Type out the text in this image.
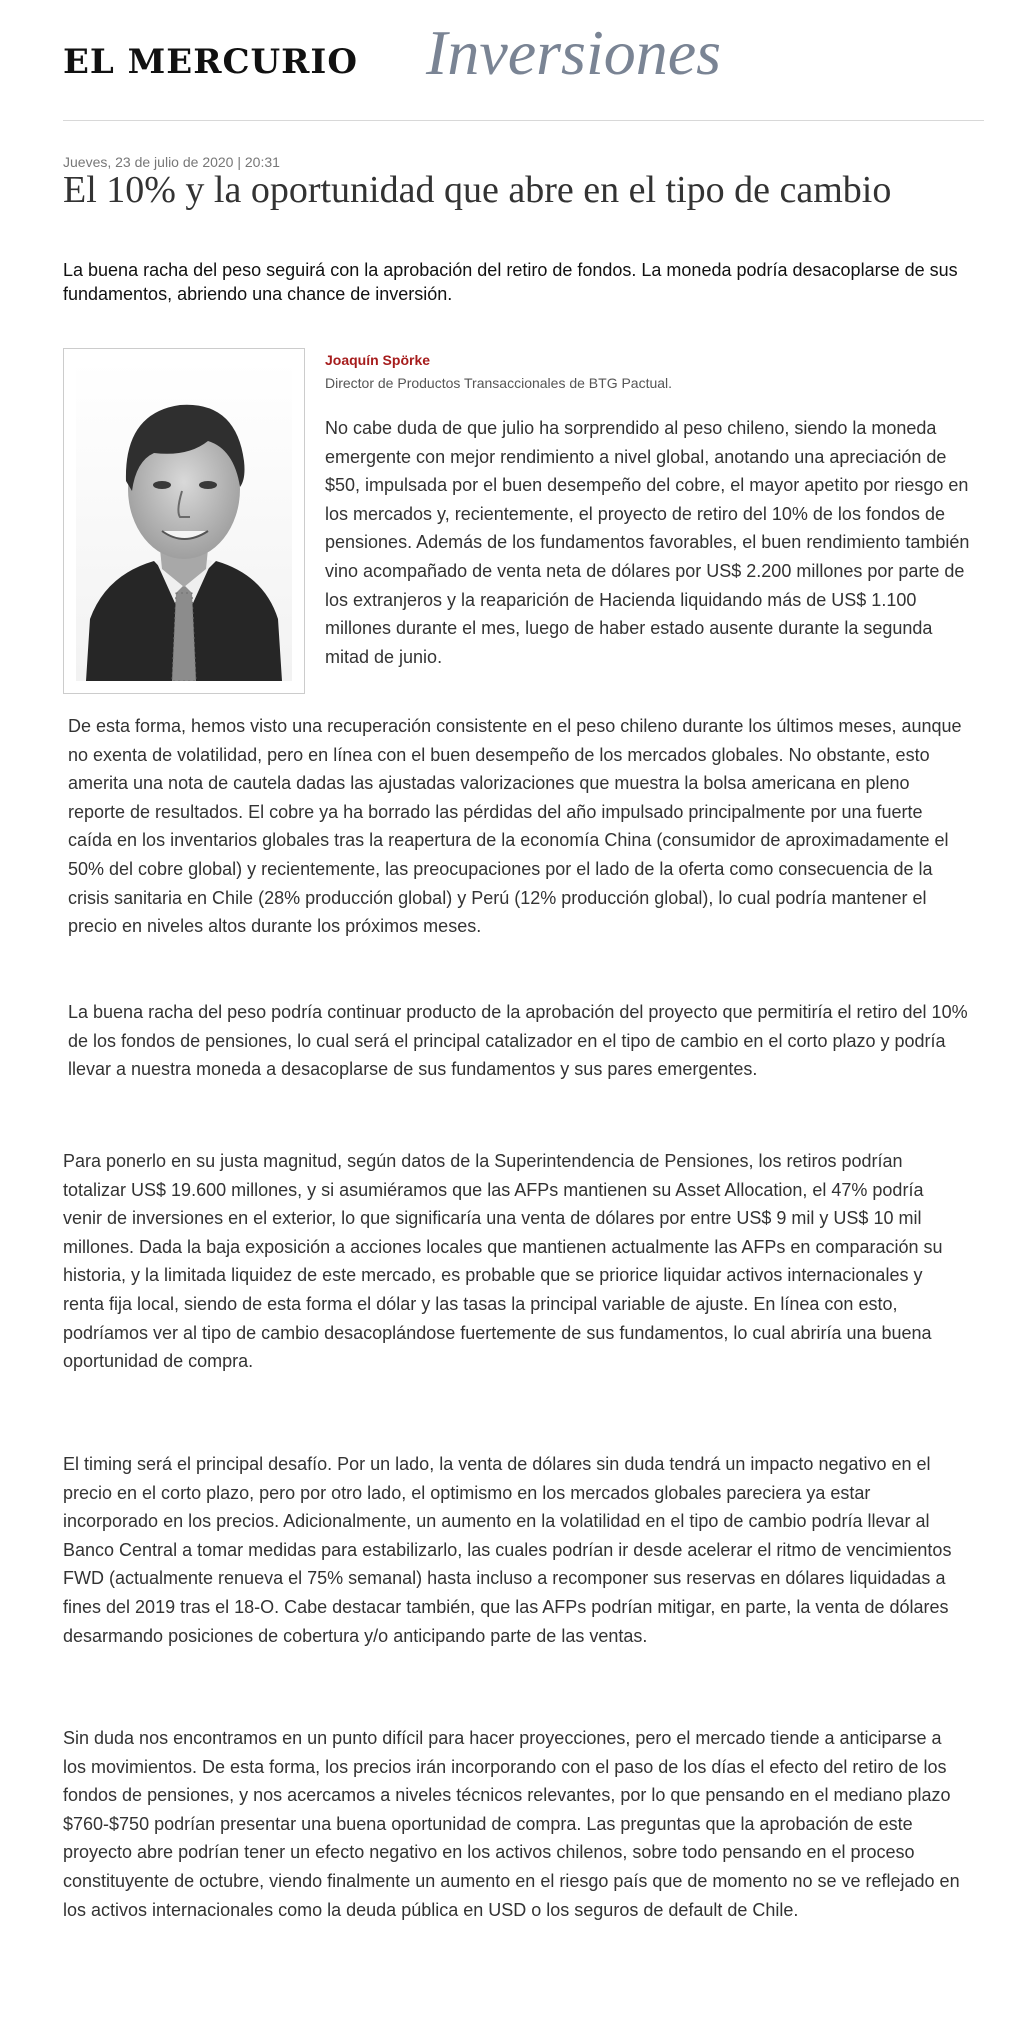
EL MERCURIO Inversiones
Jueves, 23 de julio de 2020 | 20:31
El 10% y la oportunidad que abre en el tipo de cambio

La buena racha del peso seguirá con la aprobación del retiro de fondos. La moneda podría desacoplarse de sus fundamentos, abriendo una chance de inversión.

Joaquín Spörke
Director de Productos Transaccionales de BTG Pactual.

No cabe duda de que julio ha sorprendido al peso chileno, siendo la moneda emergente con mejor rendimiento a nivel global, anotando una apreciación de $50, impulsada por el buen desempeño del cobre, el mayor apetito por riesgo en los mercados y, recientemente, el proyecto de retiro del 10% de los fondos de pensiones. Además de los fundamentos favorables, el buen rendimiento también vino acompañado de venta neta de dólares por US$ 2.200 millones por parte de los extranjeros y la reaparición de Hacienda liquidando más de US$ 1.100 millones durante el mes, luego de haber estado ausente durante la segunda mitad de junio.

De esta forma, hemos visto una recuperación consistente en el peso chileno durante los últimos meses, aunque no exenta de volatilidad, pero en línea con el buen desempeño de los mercados globales. No obstante, esto amerita una nota de cautela dadas las ajustadas valorizaciones que muestra la bolsa americana en pleno reporte de resultados. El cobre ya ha borrado las pérdidas del año impulsado principalmente por una fuerte caída en los inventarios globales tras la reapertura de la economía China (consumidor de aproximadamente el 50% del cobre global) y recientemente, las preocupaciones por el lado de la oferta como consecuencia de la crisis sanitaria en Chile (28% producción global) y Perú (12% producción global), lo cual podría mantener el precio en niveles altos durante los próximos meses.

La buena racha del peso podría continuar producto de la aprobación del proyecto que permitiría el retiro del 10% de los fondos de pensiones, lo cual será el principal catalizador en el tipo de cambio en el corto plazo y podría llevar a nuestra moneda a desacoplarse de sus fundamentos y sus pares emergentes.

Para ponerlo en su justa magnitud, según datos de la Superintendencia de Pensiones, los retiros podrían totalizar US$ 19.600 millones, y si asumiéramos que las AFPs mantienen su Asset Allocation, el 47% podría venir de inversiones en el exterior, lo que significaría una venta de dólares por entre US$ 9 mil y US$ 10 mil millones. Dada la baja exposición a acciones locales que mantienen actualmente las AFPs en comparación su historia, y la limitada liquidez de este mercado, es probable que se priorice liquidar activos internacionales y renta fija local, siendo de esta forma el dólar y las tasas la principal variable de ajuste. En línea con esto, podríamos ver al tipo de cambio desacoplándose fuertemente de sus fundamentos, lo cual abriría una buena oportunidad de compra.

El timing será el principal desafío. Por un lado, la venta de dólares sin duda tendrá un impacto negativo en el precio en el corto plazo, pero por otro lado, el optimismo en los mercados globales pareciera ya estar incorporado en los precios. Adicionalmente, un aumento en la volatilidad en el tipo de cambio podría llevar al Banco Central a tomar medidas para estabilizarlo, las cuales podrían ir desde acelerar el ritmo de vencimientos FWD (actualmente renueva el 75% semanal) hasta incluso a recomponer sus reservas en dólares liquidadas a fines del 2019 tras el 18-O. Cabe destacar también, que las AFPs podrían mitigar, en parte, la venta de dólares desarmando posiciones de cobertura y/o anticipando parte de las ventas.

Sin duda nos encontramos en un punto difícil para hacer proyecciones, pero el mercado tiende a anticiparse a los movimientos. De esta forma, los precios irán incorporando con el paso de los días el efecto del retiro de los fondos de pensiones, y nos acercamos a niveles técnicos relevantes, por lo que pensando en el mediano plazo $760-$750 podrían presentar una buena oportunidad de compra. Las preguntas que la aprobación de este proyecto abre podrían tener un efecto negativo en los activos chilenos, sobre todo pensando en el proceso constituyente de octubre, viendo finalmente un aumento en el riesgo país que de momento no se ve reflejado en los activos internacionales como la deuda pública en USD o los seguros de default de Chile.
